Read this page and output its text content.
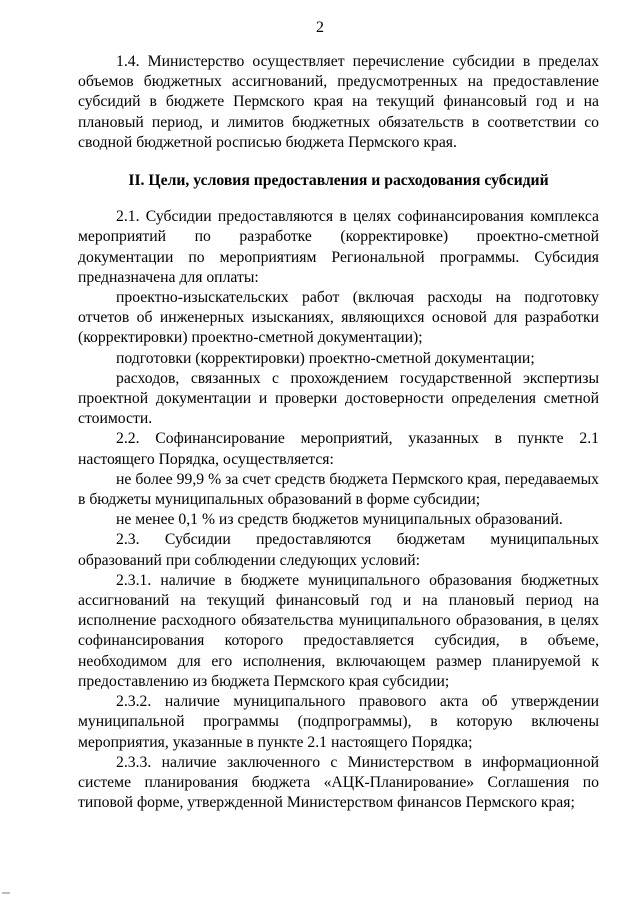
2

1.4. Министерство осуществляет перечисление субсидии в пределах объемов бюджетных ассигнований, предусмотренных на предоставление субсидий в бюджете Пермского края на текущий финансовый год и на плановый период, и лимитов бюджетных обязательств в соответствии со сводной бюджетной росписью бюджета Пермского края.

II. Цели, условия предоставления и расходования субсидий

2.1. Субсидии предоставляются в целях софинансирования комплекса мероприятий по разработке (корректировке) проектно-сметной документации по мероприятиям Региональной программы. Субсидия предназначена для оплаты:

проектно-изыскательских работ (включая расходы на подготовку отчетов об инженерных изысканиях, являющихся основой для разработки (корректировки) проектно-сметной документации);

подготовки (корректировки) проектно-сметной документации;

расходов, связанных с прохождением государственной экспертизы проектной документации и проверки достоверности определения сметной стоимости.

2.2. Софинансирование мероприятий, указанных в пункте 2.1 настоящего Порядка, осуществляется:

не более 99,9 % за счет средств бюджета Пермского края, передаваемых в бюджеты муниципальных образований в форме субсидии;

не менее 0,1 % из средств бюджетов муниципальных образований.

2.3. Субсидии предоставляются бюджетам муниципальных образований при соблюдении следующих условий:

2.3.1. наличие в бюджете муниципального образования бюджетных ассигнований на текущий финансовый год и на плановый период на исполнение расходного обязательства муниципального образования, в целях софинансирования которого предоставляется субсидия, в объеме, необходимом для его исполнения, включающем размер планируемой к предоставлению из бюджета Пермского края субсидии;

2.3.2. наличие муниципального правового акта об утверждении муниципальной программы (подпрограммы), в которую включены мероприятия, указанные в пункте 2.1 настоящего Порядка;

2.3.3. наличие заключенного с Министерством в информационной системе планирования бюджета «АЦК-Планирование» Соглашения по типовой форме, утвержденной Министерством финансов Пермского края;
